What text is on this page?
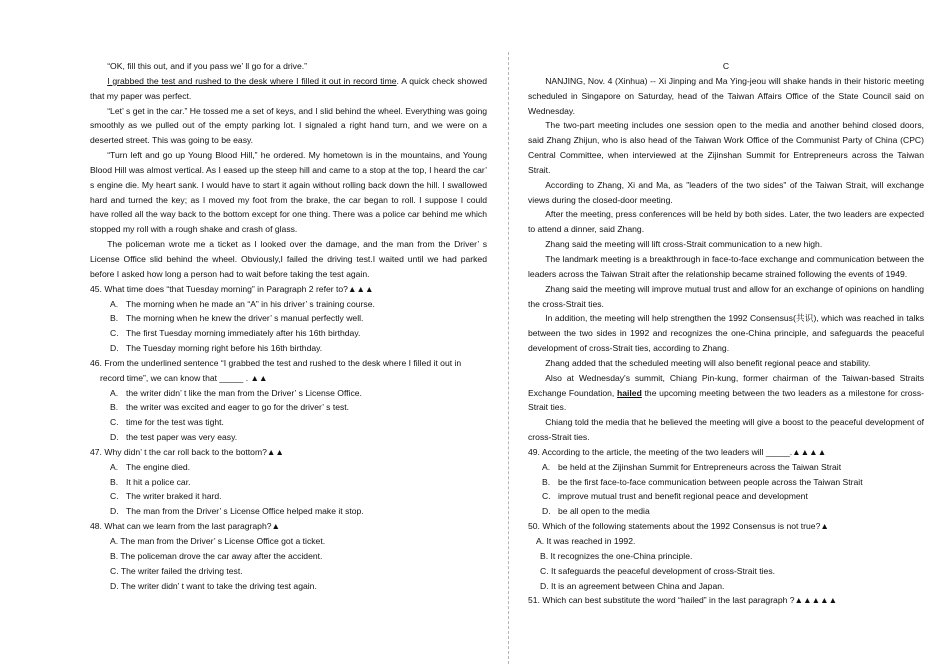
“OK, fill this out, and if you pass we’ ll go for a drive.”

I grabbed the test and rushed to the desk where I filled it out in record time. A quick check showed that my paper was perfect.

“Let’ s get in the car.” He tossed me a set of keys, and I slid behind the wheel. Everything was going smoothly as we pulled out of the empty parking lot. I signaled a right hand turn, and we were on a deserted street. This was going to be easy.

“Turn left and go up Young Blood Hill,” he ordered. My hometown is in the mountains, and Young Blood Hill was almost vertical. As I eased up the steep hill and came to a stop at the top, I heard the car’ s engine die. My heart sank. I would have to start it again without rolling back down the hill. I swallowed hard and turned the key; as I moved my foot from the brake, the car began to roll. I suppose I could have rolled all the way back to the bottom except for one thing. There was a police car behind me which stopped my roll with a rough shake and crash of glass.

The policeman wrote me a ticket as I looked over the damage, and the man from the Driver’ s License Office slid behind the wheel. Obviously,I failed the driving test.I waited until we had parked before I asked how long a person had to wait before taking the test again.

45. What time does “that Tuesday morning” in Paragraph 2 refer to?▲▲▲

A. The morning when he made an “A” in his driver’ s training course.

B. The morning when he knew the driver’ s manual perfectly well.

C. The first Tuesday morning immediately after his 16th birthday.

D. The Tuesday morning right before his 16th birthday.

46. From the underlined sentence “I grabbed the test and rushed to the desk where I filled it out in record time”, we can know that _____ . ▲▲

A. the writer didn’ t like the man from the Driver’ s License Office.

B. the writer was excited and eager to go for the driver’ s test.

C. time for the test was tight.

D. the test paper was very easy.

47. Why didn’ t the car roll back to the bottom?▲▲

A. The engine died.

B. It hit a police car.

C. The writer braked it hard.

D. The man from the Driver’ s License Office helped make it stop.

48. What can we learn from the last paragraph?▲

A. The man from the Driver’ s License Office got a ticket.

B. The policeman drove the car away after the accident.

C. The writer failed the driving test.

D. The writer didn’ t want to take the driving test again.

C

NANJING, Nov. 4 (Xinhua) -- Xi Jinping and Ma Ying-jeou will shake hands in their historic meeting scheduled in Singapore on Saturday, head of the Taiwan Affairs Office of the State Council said on Wednesday.

The two-part meeting includes one session open to the media and another behind closed doors, said Zhang Zhijun, who is also head of the Taiwan Work Office of the Communist Party of China (CPC) Central Committee, when interviewed at the Zijinshan Summit for Entrepreneurs across the Taiwan Strait.

According to Zhang, Xi and Ma, as "leaders of the two sides" of the Taiwan Strait, will exchange views during the closed-door meeting.

After the meeting, press conferences will be held by both sides. Later, the two leaders are expected to attend a dinner, said Zhang.

Zhang said the meeting will lift cross-Strait communication to a new high.

The landmark meeting is a breakthrough in face-to-face exchange and communication between the leaders across the Taiwan Strait after the relationship became strained following the events of 1949.

Zhang said the meeting will improve mutual trust and allow for an exchange of opinions on handling the cross-Strait ties.

In addition, the meeting will help strengthen the 1992 Consensus(共识), which was reached in talks between the two sides in 1992 and recognizes the one-China principle, and safeguards the peaceful development of cross-Strait ties, according to Zhang.

Zhang added that the scheduled meeting will also benefit regional peace and stability.

Also at Wednesday's summit, Chiang Pin-kung, former chairman of the Taiwan-based Straits Exchange Foundation, hailed the upcoming meeting between the two leaders as a milestone for cross-Strait ties.

Chiang told the media that he believed the meeting will give a boost to the peaceful development of cross-Strait ties.

49. According to the article, the meeting of the two leaders will _____.▲▲▲▲

A. be held at the Zijinshan Summit for Entrepreneurs across the Taiwan Strait

B. be the first face-to-face communication between people across the Taiwan Strait

C. improve mutual trust and benefit regional peace and development

D. be all open to the media

50. Which of the following statements about the 1992 Consensus is not true?▲

A. It was reached in 1992.

B. It recognizes the one-China principle.

C. It safeguards the peaceful development of cross-Strait ties.

D. It is an agreement between China and Japan.

51. Which can best substitute the word “hailed” in the last paragraph ?▲▲▲▲▲
